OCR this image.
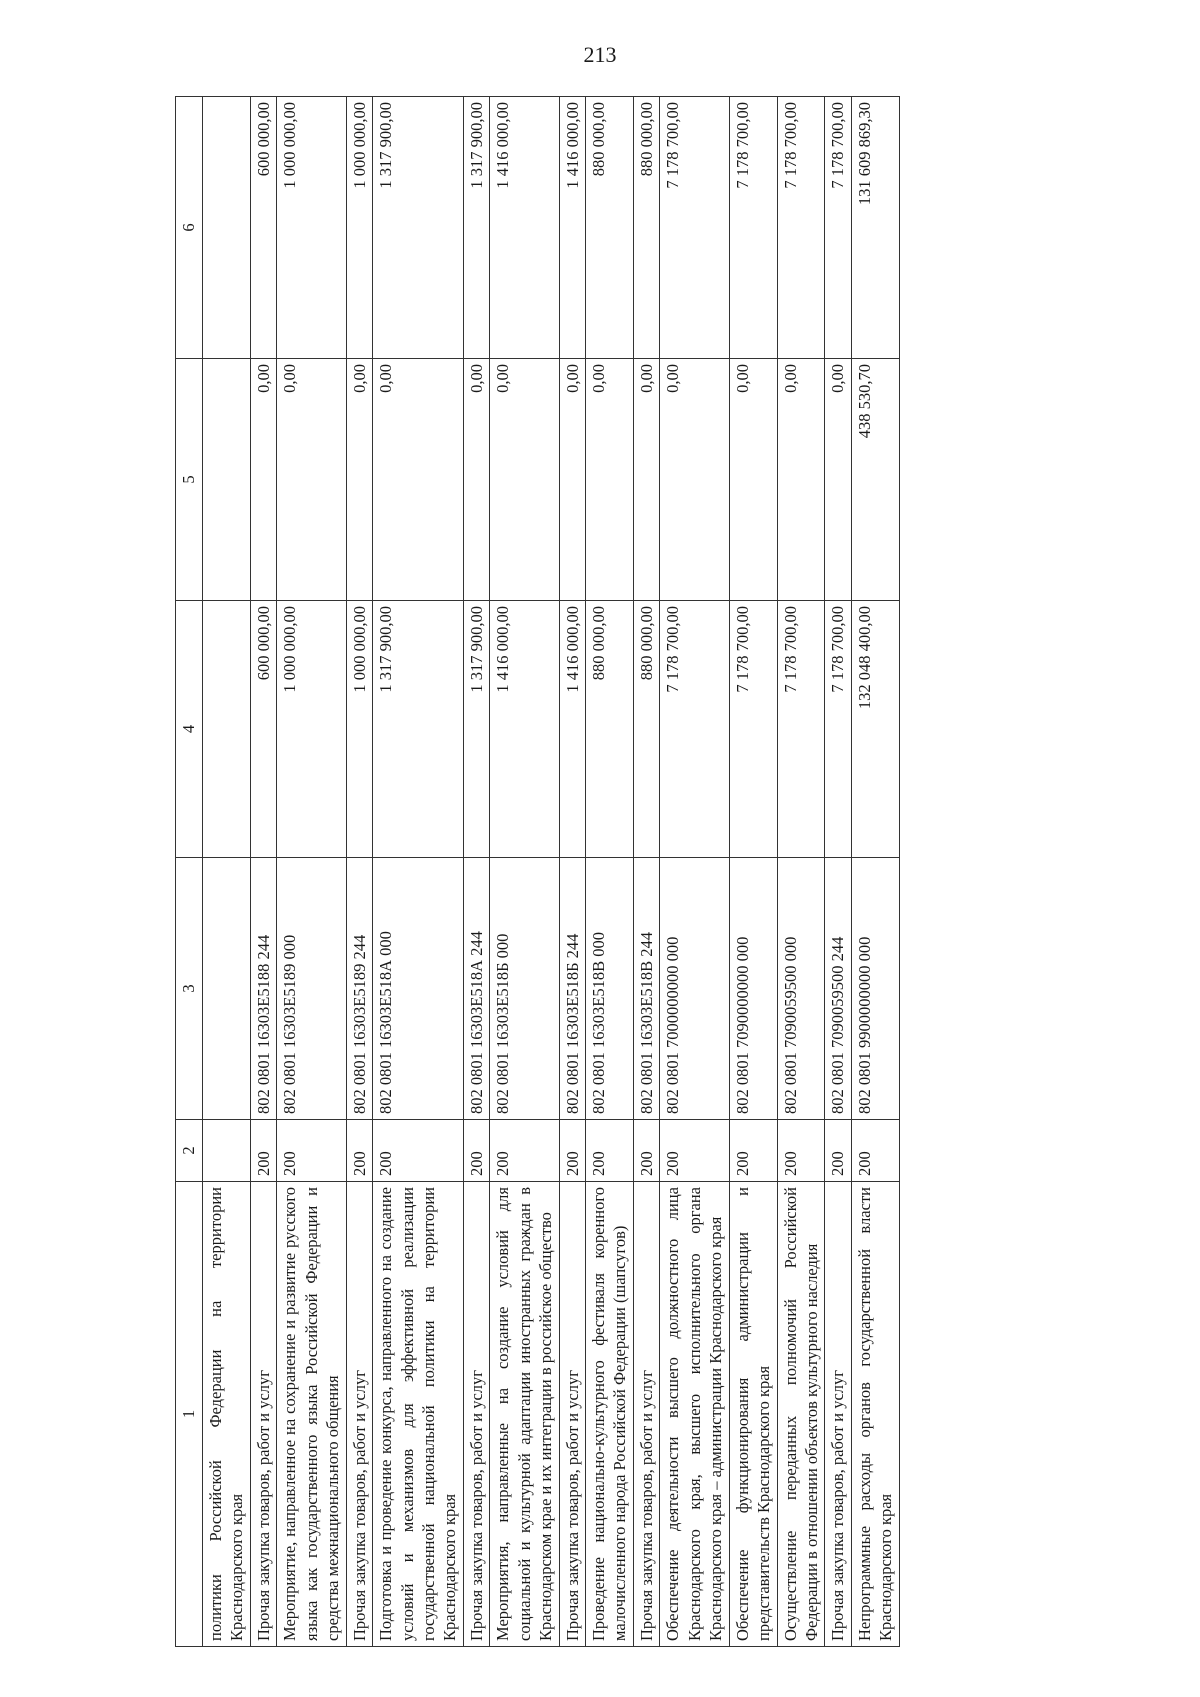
213
1	2	3	4	5	6
политики Российской Федерации на территории Краснодарского края					
Прочая закупка товаров, работ и услуг	200	802 0801 16303Е5188 244	600 000,00	0,00	600 000,00
Мероприятие, направленное на сохранение и развитие русского языка как государственного языка Российской Федерации и средства межнационального общения	200	802 0801 16303Е5189 000	1 000 000,00	0,00	1 000 000,00
Прочая закупка товаров, работ и услуг	200	802 0801 16303Е5189 244	1 000 000,00	0,00	1 000 000,00
Подготовка и проведение конкурса, направленного на создание условий и механизмов для эффективной реализации государственной национальной политики на территории Краснодарского края	200	802 0801 16303Е518А 000	1 317 900,00	0,00	1 317 900,00
Прочая закупка товаров, работ и услуг	200	802 0801 16303Е518А 244	1 317 900,00	0,00	1 317 900,00
Мероприятия, направленные на создание условий для социальной и культурной адаптации иностранных граждан в Краснодарском крае и их интеграции в российское общество	200	802 0801 16303Е518Б 000	1 416 000,00	0,00	1 416 000,00
Прочая закупка товаров, работ и услуг	200	802 0801 16303Е518Б 244	1 416 000,00	0,00	1 416 000,00
Проведение национально-культурного фестиваля коренного малочисленного народа Российской Федерации (шапсугов)	200	802 0801 16303Е518В 000	880 000,00	0,00	880 000,00
Прочая закупка товаров, работ и услуг	200	802 0801 16303Е518В 244	880 000,00	0,00	880 000,00
Обеспечение деятельности высшего должностного лица Краснодарского края, высшего исполнительного органа Краснодарского края – администрации Краснодарского края	200	802 0801 7000000000 000	7 178 700,00	0,00	7 178 700,00
Обеспечение функционирования администрации и представительств Краснодарского края	200	802 0801 7090000000 000	7 178 700,00	0,00	7 178 700,00
Осуществление переданных полномочий Российской Федерации в отношении объектов культурного наследия	200	802 0801 7090059500 000	7 178 700,00	0,00	7 178 700,00
Прочая закупка товаров, работ и услуг	200	802 0801 7090059500 244	7 178 700,00	0,00	7 178 700,00
Непрограммные расходы органов государственной власти Краснодарского края	200	802 0801 9900000000 000	132 048 400,00	438 530,70	131 609 869,30
